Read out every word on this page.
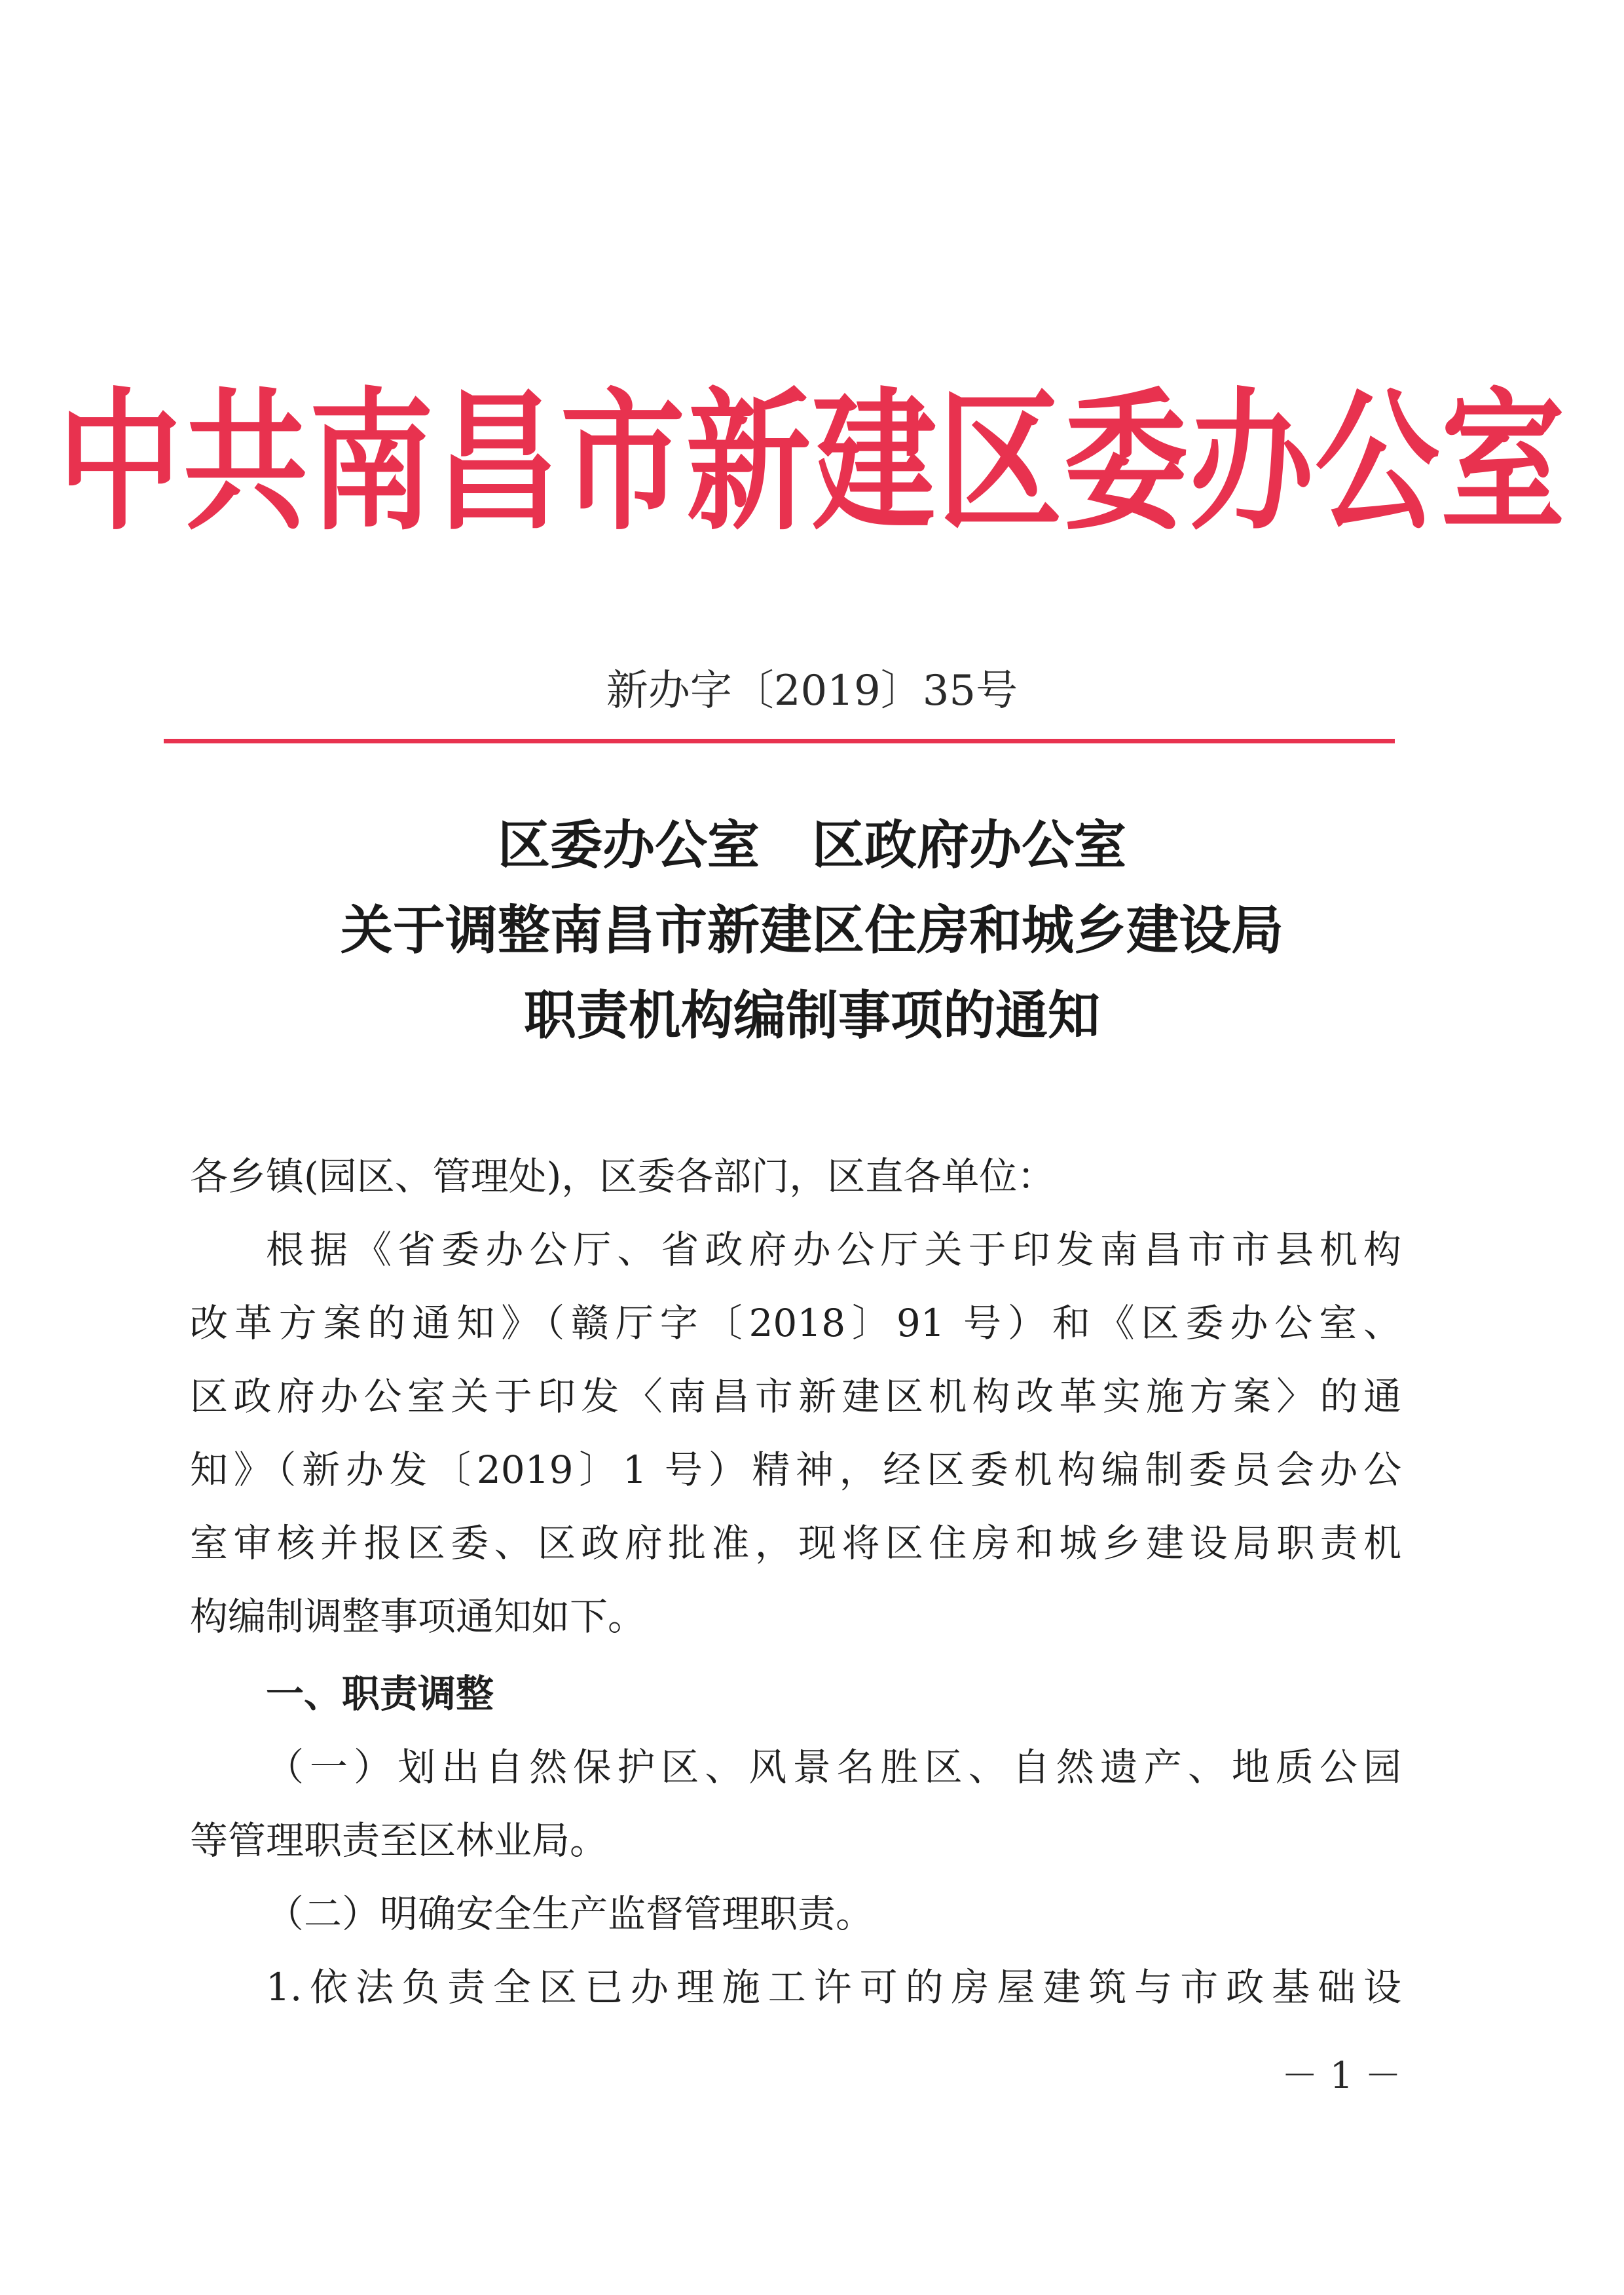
中共南昌市新建区委办公室
新办字〔2019〕35号
区委办公室　区政府办公室
关于调整南昌市新建区住房和城乡建设局
职责机构编制事项的通知
各乡镇(园区、管理处)，区委各部门，区直各单位：
根据《省委办公厅、省政府办公厅关于印发南昌市市县机构
改革方案的通知》（赣厅字〔2018〕91 号）和《区委办公室、
区政府办公室关于印发〈南昌市新建区机构改革实施方案〉的通
知》（新办发〔2019〕1 号）精神，经区委机构编制委员会办公
室审核并报区委、区政府批准，现将区住房和城乡建设局职责机
构编制调整事项通知如下。
一、职责调整
（一）划出自然保护区、风景名胜区、自然遗产、地质公园
等管理职责至区林业局。
（二）明确安全生产监督管理职责。
1.依法负责全区已办理施工许可的房屋建筑与市政基础设
－ 1 －
